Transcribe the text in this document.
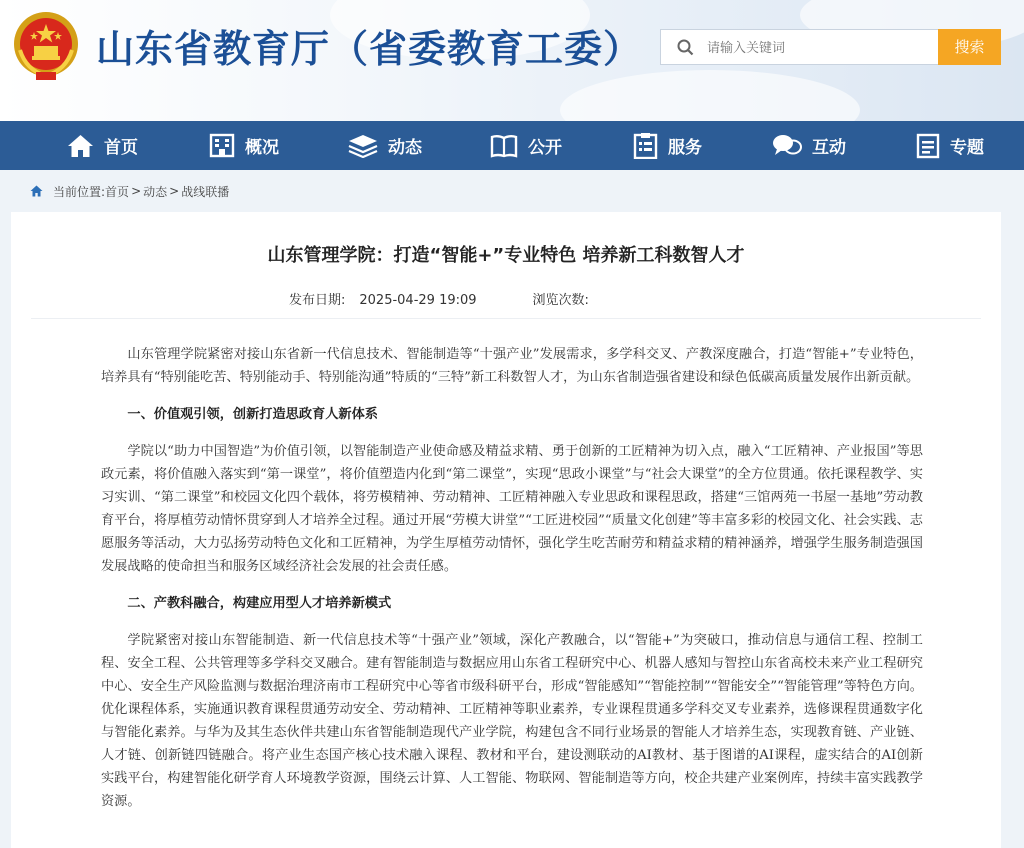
山东省教育厅（省委教育工委）
请输入关键词	搜索
首页	概况	动态	公开	服务	互动	专题
当前位置: 首页 > 动态 > 战线联播
山东管理学院：打造“智能+”专业特色 培养新工科数智人才
发布日期: 2025-04-29 19:09	浏览次数:

山东管理学院紧密对接山东省新一代信息技术、智能制造等“十强产业”发展需求，多学科交叉、产教深度融合，打造“智能+”专业特色，培养具有“特别能吃苦、特别能动手、特别能沟通”特质的“三特”新工科数智人才，为山东省制造强省建设和绿色低碳高质量发展作出新贡献。

一、价值观引领，创新打造思政育人新体系

学院以“助力中国智造”为价值引领，以智能制造产业使命感及精益求精、勇于创新的工匠精神为切入点，融入“工匠精神、产业报国”等思政元素，将价值融入落实到“第一课堂”，将价值塑造内化到“第二课堂”，实现“思政小课堂”与“社会大课堂”的全方位贯通。依托课程教学、实习实训、“第二课堂”和校园文化四个载体，将劳模精神、劳动精神、工匠精神融入专业思政和课程思政，搭建“三馆两苑一书屋一基地”劳动教育平台，将厚植劳动情怀贯穿到人才培养全过程。通过开展“劳模大讲堂”“工匠进校园”“质量文化创建”等丰富多彩的校园文化、社会实践、志愿服务等活动，大力弘扬劳动特色文化和工匠精神，为学生厚植劳动情怀，强化学生吃苦耐劳和精益求精的精神涵养，增强学生服务制造强国发展战略的使命担当和服务区域经济社会发展的社会责任感。

二、产教科融合，构建应用型人才培养新模式

学院紧密对接山东智能制造、新一代信息技术等“十强产业”领域，深化产教融合，以“智能+”为突破口，推动信息与通信工程、控制工程、安全工程、公共管理等多学科交叉融合。建有智能制造与数据应用山东省工程研究中心、机器人感知与智控山东省高校未来产业工程研究中心、安全生产风险监测与数据治理济南市工程研究中心等省市级科研平台，形成“智能感知”“智能控制”“智能安全”“智能管理”等特色方向。优化课程体系，实施通识教育课程贯通劳动安全、劳动精神、工匠精神等职业素养，专业课程贯通多学科交叉专业素养，选修课程贯通数字化与智能化素养。与华为及其生态伙伴共建山东省智能制造现代产业学院，构建包含不同行业场景的智能人才培养生态，实现教育链、产业链、人才链、创新链四链融合。将产业生态国产核心技术融入课程、教材和平台，建设测联动的AI教材、基于图谱的AI课程，虚实结合的AI创新实践平台，构建智能化研学育人环境教学资源，围绕云计算、人工智能、物联网、智能制造等方向，校企共建产业案例库，持续丰富实践教学资源。
